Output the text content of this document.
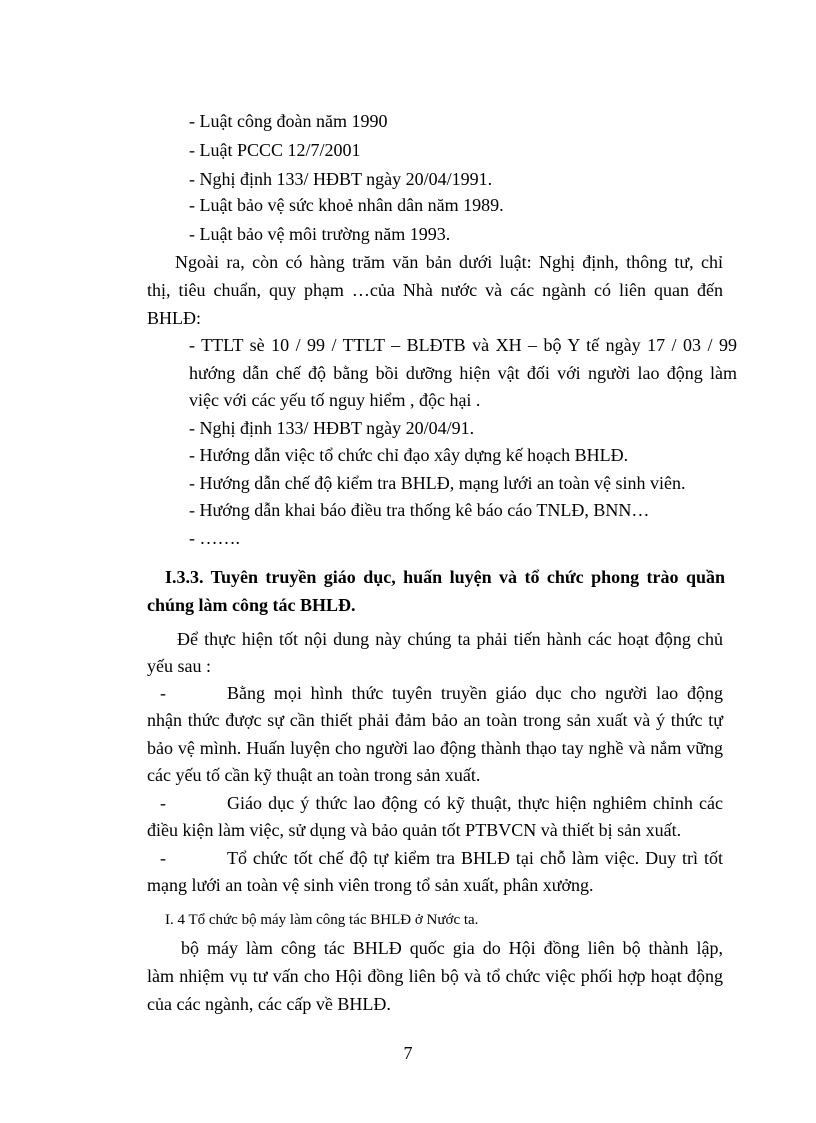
- Luật công đoàn năm 1990
- Luật PCCC 12/7/2001
- Nghị định 133/ HĐBT ngày 20/04/1991.
- Luật bảo vệ sức khoẻ nhân dân năm 1989.
- Luật bảo vệ môi trường năm 1993.
Ngoài ra, còn có hàng trăm văn bản dưới luật: Nghị định, thông tư, chỉ
thị, tiêu chuẩn, quy phạm …của Nhà nước và các ngành có liên quan đến
BHLĐ:
- TTLT sè 10 / 99 / TTLT – BLĐTB và XH – bộ Y tế ngày 17 / 03 / 99
hướng dẫn chế độ bằng bồi dưỡng hiện vật đối với người lao động làm
việc với các yếu tố nguy hiểm , độc hại .
- Nghị định 133/ HĐBT ngày 20/04/91.
- Hướng dẫn việc tổ chức chỉ đạo xây dựng kế hoạch BHLĐ.
- Hướng dẫn chế độ kiểm tra BHLĐ, mạng lưới an toàn vệ sinh viên.
- Hướng dẫn khai báo điều tra thống kê báo cáo TNLĐ, BNN…
- …….
I.3.3. Tuyên truyền giáo dục, huấn luyện và tổ chức phong trào quần
chúng làm công tác BHLĐ.
Để thực hiện tốt nội dung này chúng ta phải tiến hành các hoạt động chủ
yếu sau :
-	Bằng mọi hình thức tuyên truyền giáo dục cho người lao động
nhận thức được sự cần thiết phải đảm bảo an toàn trong sản xuất và ý thức tự
bảo vệ mình. Huấn luyện cho người lao động thành thạo tay nghề và nắm vững
các yếu tố cần kỹ thuật an toàn trong sản xuất.
-	Giáo dục ý thức lao động có kỹ thuật, thực hiện nghiêm chỉnh các
điều kiện làm việc, sử dụng và bảo quản tốt PTBVCN và thiết bị sản xuất.
-	Tổ chức tốt chế độ tự kiểm tra BHLĐ tại chỗ làm việc. Duy trì tốt
mạng lưới an toàn vệ sinh viên trong tổ sản xuất, phân xưởng.
I. 4 Tổ chức bộ máy làm công tác BHLĐ ở Nước ta.
bộ máy làm công tác BHLĐ quốc gia do Hội đồng liên bộ thành lập,
làm nhiệm vụ tư vấn cho Hội đồng liên bộ và tổ chức việc phối hợp hoạt động
của các ngành, các cấp về BHLĐ.
7
